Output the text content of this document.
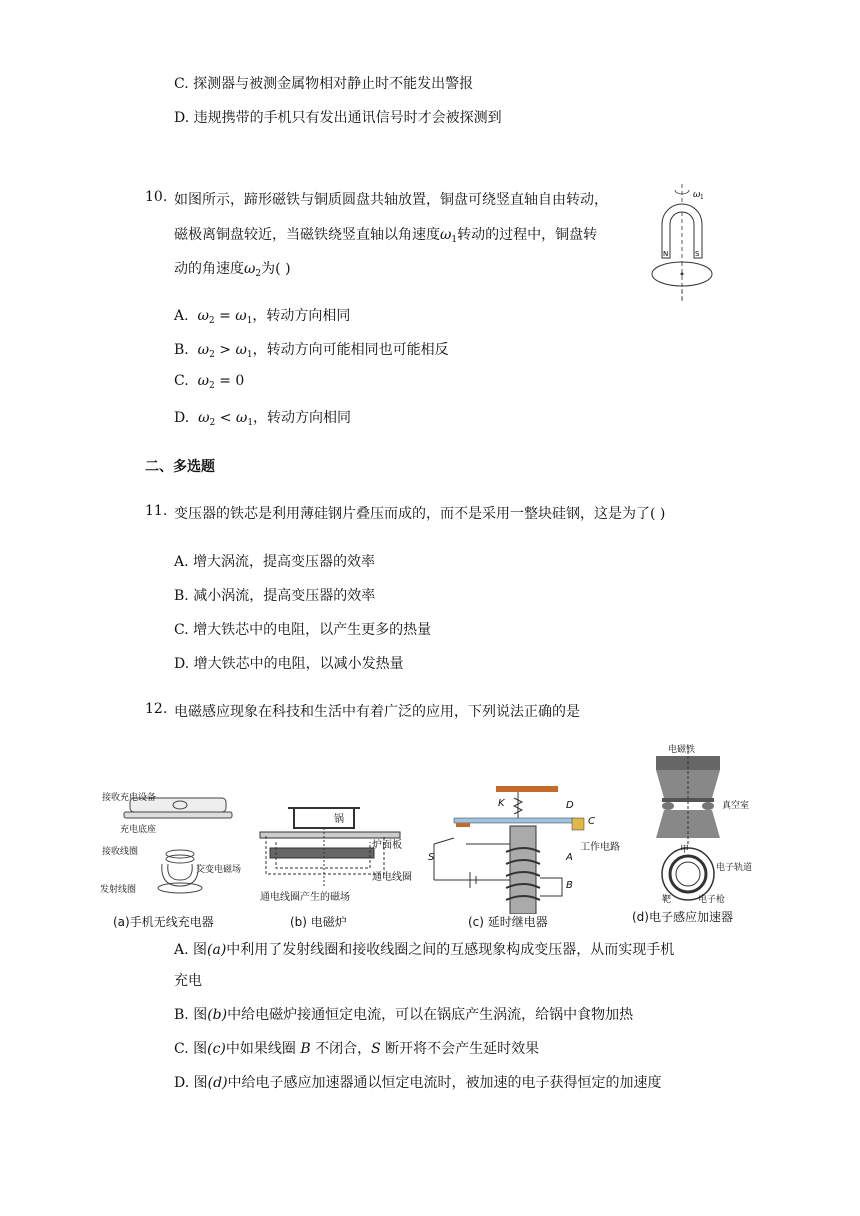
C. 探测器与被测金属物相对静止时不能发出警报
D. 违规携带的手机只有发出通讯信号时才会被探测到
10. 如图所示，蹄形磁铁与铜质圆盘共轴放置，铜盘可绕竖直轴自由转动，
磁极离铜盘较近，当磁铁绕竖直轴以角速度$\omega_1$转动的过程中，铜盘转
动的角速度$\omega_2$为( )
ω 1
N	S
A. $\omega_2 = \omega_1$，转动方向相同
B. $\omega_2 > \omega_1$，转动方向可能相同也可能相反
C. $\omega_2 = 0$
D. $\omega_2 < \omega_1$，转动方向相同
二、多选题
11. 变压器的铁芯是利用薄硅钢片叠压而成的，而不是采用一整块硅钢，这是为了( )
A. 增大涡流，提高变压器的效率
B. 减小涡流，提高变压器的效率
C. 增大铁芯中的电阻，以产生更多的热量
D. 增大铁芯中的电阻，以减小发热量
12. 电磁感应现象在科技和生活中有着广泛的应用，下列说法正确的是
接收充电设备
充电底座
接收线圈
交变电磁场
发射线圈
(a)手机无线充电器
锅
炉面板
通电线圈
通电线圈产生的磁场
(b) 电磁炉
K	D
C
S	A
B
工作电路
(c) 延时继电器
电磁铁
真空室
甲
电子轨道
靶	电子枪
(d)电子感应加速器
A. 图(a)中利用了发射线圈和接收线圈之间的互感现象构成变压器，从而实现手机
充电
B. 图(b)中给电磁炉接通恒定电流，可以在锅底产生涡流，给锅中食物加热
C. 图(c)中如果线圈 B 不闭合，S 断开将不会产生延时效果
D. 图(d)中给电子感应加速器通以恒定电流时，被加速的电子获得恒定的加速度
